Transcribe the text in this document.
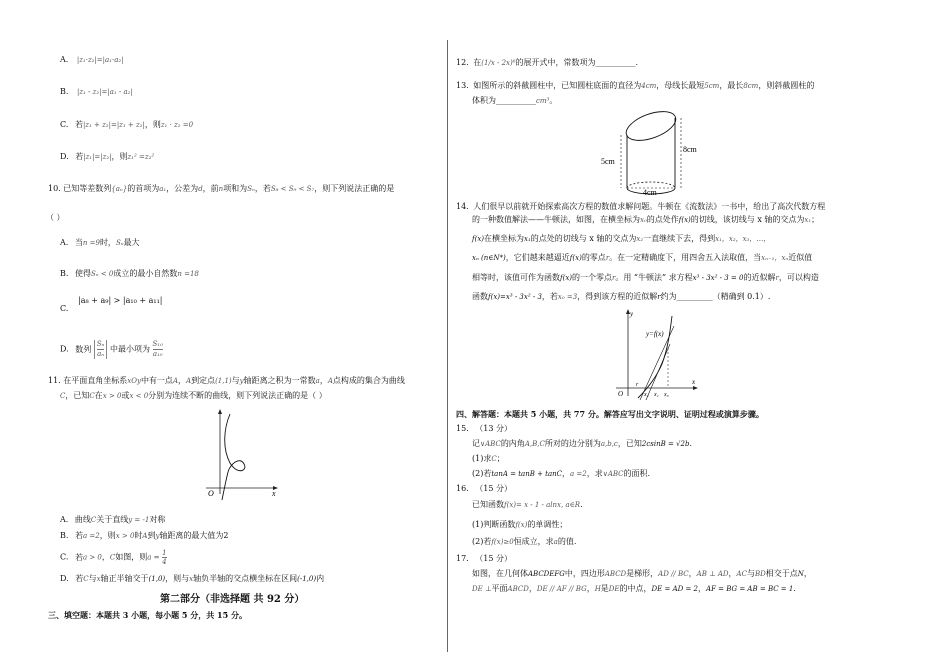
A. |z₁·z₂|=|a₁·a₂|
B. |z₁ - z₂|=|a₁ - a₂|
C. 若|z₁ + z₂|=|z₁ + z₂|，则z₁ · z₂ =0
D. 若|z₁|=|z₂|，则z₁² =z₂²
10. 已知等差数列{aₙ}的首项为a₁，公差为d，前n项和为Sₙ，若S₈ < S₉ < S₇，则下列说法正确的是
（ ）
A. 当n =9时，Sₙ最大
B. 使得Sₙ < 0成立的最小自然数n =18
|a₈ + a₉| > |a₁₀ + a₁₁|
C.
D. 数列 $\frac{\text{Sₙ}}{\text{aₙ}}$ 中最小项为 $\frac{\text{S₁₀}}{\text{a₁₀}}$
11. 在平面直角坐标系xOy中有一点A，A到定点(1,1)与y轴距离之积为一常数a，A点构成的集合为曲线
C，已知C在x > 0或x < 0分别为连续不断的曲线，则下列说法正确的是（ ）
O	x
A. 曲线C关于直线y = -1对称
B. 若a =2，则x > 0时A到y轴距离的最大值为2
C. 若a > 0，C如图，则$a = \frac{1}{4}$
D. 若C与x轴正半轴交于(1,0)，则与x轴负半轴的交点横坐标在区间(-1,0)内
第二部分（非选择题 共 92 分）
三、填空题：本题共 3 小题，每小题 5 分，共 15 分。
12. 在(1/x - 2x)⁶的展开式中，常数项为__________.
13. 如图所示的斜截圆柱中，已知圆柱底面的直径为4cm，母线长最短5cm，最长8cm，则斜截圆柱的
体积为__________cm³。
5cm
8cm
4cm
14. 人们很早以前就开始探索高次方程的数值求解问题。牛顿在《流数法》一书中，给出了高次代数方程
的一种数值解法——牛顿法，如图，在横坐标为x₀的点处作f(x)的切线，该切线与 x 轴的交点为x₁；
f(x)在横坐标为x₁的点处的切线与 x 轴的交点为x₂一直继续下去，得到x₁，x₂，x₃，…，
xₙ (n∈N*)，它们越来越逼近f(x)的零点r。在一定精确度下，用四舍五入法取值，当xₙ₋₁，xₙ近似值
相等时，该值可作为函数f(x)的一个零点r。用 “牛顿法” 求方程x³ - 3x² - 3 = 0的近似解r，可以构造
函数f(x)=x³ - 3x² - 3，若x₀ =3，得到该方程的近似解r约为_________（精确到 0.1）.
y
y=f(x)
O
r
x₂ x₁ x₀
x
四、解答题：本题共 5 小题，共 77 分。解答应写出文字说明、证明过程或演算步骤。
15. （13 分）
记∨ABC的内角A,B,C所对的边分别为a,b,c，已知2csinB = √2b.
(1)求C；
(2)若tanA = tanB + tanC，a =2，求∨ABC的面积.
16. （15 分）
已知函数f(x)= x - 1 - alnx, a∈R.
(1)判断函数f(x)的单调性；
(2)若f(x)≥0恒成立，求a的值.
17. （15 分）
如图，在几何体ABCDEFG中，四边形ABCD是梯形，AD // BC，AB ⊥ AD，AC与BD相交于点N，
DE ⊥平面ABCD，DE // AF // BG，H是DE的中点，DE = AD = 2，AF = BG = AB = BC = 1.
